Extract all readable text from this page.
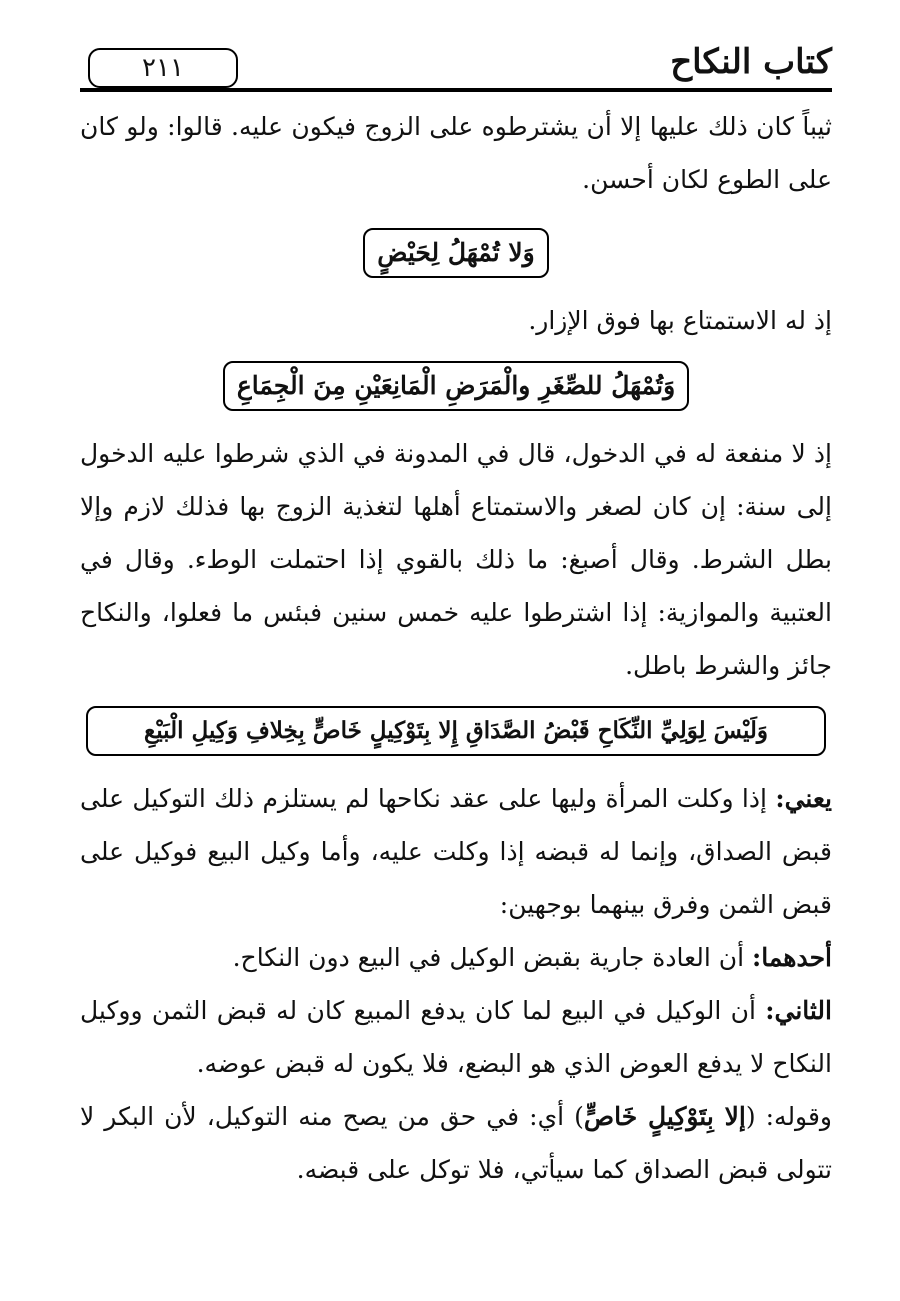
٢١١	كتاب النكاح

ثيباً كان ذلك عليها إلا أن يشترطوه على الزوج فيكون عليه. قالوا: ولو كان على الطوع لكان أحسن.

وَلا تُمْهَلُ لِحَيْضٍ

إذ له الاستمتاع بها فوق الإزار.

وَتُمْهَلُ للصِّغَرِ والْمَرَضِ الْمَانِعَيْنِ مِنَ الْجِمَاعِ

إذ لا منفعة له في الدخول، قال في المدونة في الذي شرطوا عليه الدخول إلى سنة: إن كان لصغر والاستمتاع أهلها لتغذية الزوج بها فذلك لازم وإلا بطل الشرط. وقال أصبغ: ما ذلك بالقوي إذا احتملت الوطء. وقال في العتبية والموازية: إذا اشترطوا عليه خمس سنين فبئس ما فعلوا، والنكاح جائز والشرط باطل.

وَلَيْسَ لِوَلِيِّ النِّكَاحِ قَبْضُ الصَّدَاقِ إِلا بِتَوْكِيلٍ خَاصٍّ بِخِلافِ وَكِيلِ الْبَيْعِ

يعني: إذا وكلت المرأة وليها على عقد نكاحها لم يستلزم ذلك التوكيل على قبض الصداق، وإنما له قبضه إذا وكلت عليه، وأما وكيل البيع فوكيل على قبض الثمن وفرق بينهما بوجهين:

أحدهما: أن العادة جارية بقبض الوكيل في البيع دون النكاح.

الثاني: أن الوكيل في البيع لما كان يدفع المبيع كان له قبض الثمن ووكيل النكاح لا يدفع العوض الذي هو البضع، فلا يكون له قبض عوضه.

وقوله: (إلا بِتَوْكِيلٍ خَاصٍّ) أي: في حق من يصح منه التوكيل، لأن البكر لا تتولى قبض الصداق كما سيأتي، فلا توكل على قبضه.
